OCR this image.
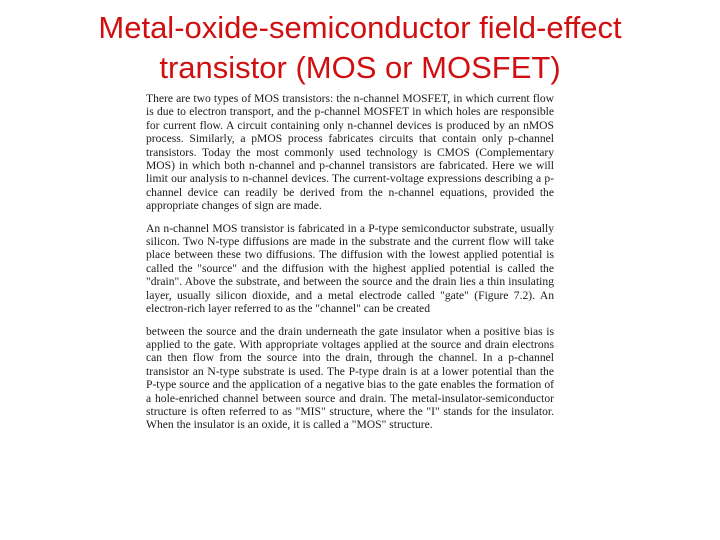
Metal-oxide-semiconductor field-effect
transistor (MOS or MOSFET)

There are two types of MOS transistors: the n-channel MOSFET, in which current flow is due to electron transport, and the p-channel MOSFET in which holes are responsible for current flow. A circuit containing only n-channel devices is produced by an nMOS process. Similarly, a pMOS process fabricates circuits that contain only p-channel transistors. Today the most commonly used technology is CMOS (Complementary MOS) in which both n-channel and p-channel transistors are fabricated. Here we will limit our analysis to n-channel devices. The current-voltage expressions describing a p-channel device can readily be derived from the n-channel equations, provided the appropriate changes of sign are made.

An n-channel MOS transistor is fabricated in a P-type semiconductor substrate, usually silicon. Two N-type diffusions are made in the substrate and the current flow will take place between these two diffusions. The diffusion with the lowest applied potential is called the "source" and the diffusion with the highest applied potential is called the "drain". Above the substrate, and between the source and the drain lies a thin insulating layer, usually silicon dioxide, and a metal electrode called "gate" (Figure 7.2). An electron-rich layer referred to as the "channel" can be created

between the source and the drain underneath the gate insulator when a positive bias is applied to the gate. With appropriate voltages applied at the source and drain electrons can then flow from the source into the drain, through the channel. In a p-channel transistor an N-type substrate is used. The P-type drain is at a lower potential than the P-type source and the application of a negative bias to the gate enables the formation of a hole-enriched channel between source and drain. The metal-insulator-semiconductor structure is often referred to as "MIS" structure, where the "I" stands for the insulator. When the insulator is an oxide, it is called a "MOS" structure.
